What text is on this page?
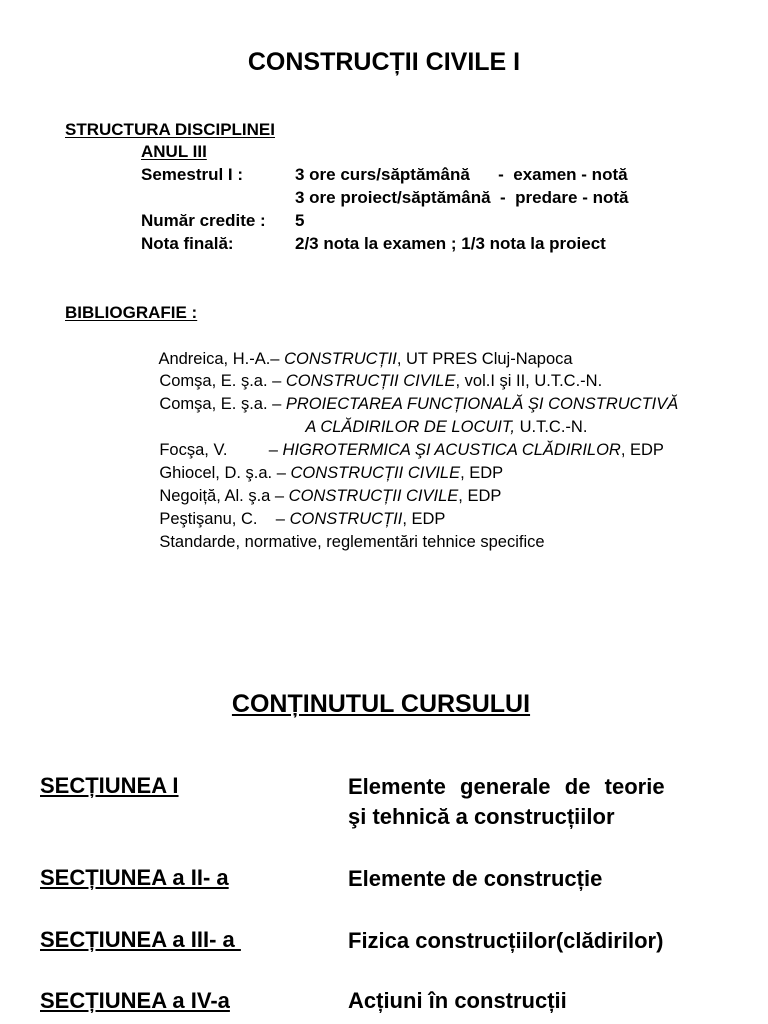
CONSTRUCȚII CIVILE I
STRUCTURA DISCIPLINEI
ANUL III
Semestrul I :	3 ore curs/săptămână      -  examen - notă
3 ore proiect/săptămână  -  predare - notă
Număr credite : 5
Nota finală:	2/3 nota la examen ; 1/3 nota la proiect
BIBLIOGRAFIE :

Andreica, H.-A.– CONSTRUCȚII, UT PRES Cluj-Napoca

Comşa, E. ş.a. – CONSTRUCȚII CIVILE, vol.I şi II, U.T.C.-N.

Comşa, E. ş.a. – PROIECTAREA FUNCȚIONALĂ ŞI CONSTRUCTIVĂ

A CLĂDIRILOR DE LOCUIT, U.T.C.-N.

Focşa, V.         – HIGROTERMICA ŞI ACUSTICA CLĂDIRILOR, EDP

Ghiocel, D. ş.a. – CONSTRUCȚII CIVILE, EDP

Negoiță, Al. ş.a – CONSTRUCȚII CIVILE, EDP

Peştişanu, C.    – CONSTRUCȚII, EDP

Standarde, normative, reglementări tehnice specifice

CONȚINUTUL CURSULUI
SECȚIUNEA I	Elemente  generale  de  teorie
şi tehnică a construcțiilor
SECȚIUNEA a II- a	Elemente de construcție
SECȚIUNEA a III- a	Fizica construcțiilor(clădirilor)
SECȚIUNEA a IV-a	Acțiuni în construcții
